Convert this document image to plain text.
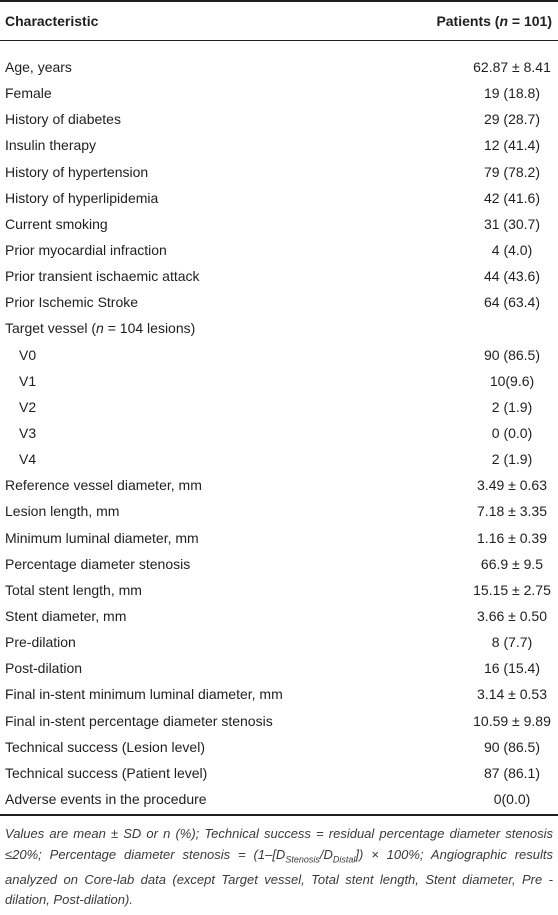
Characteristic	Patients (n = 101)
Age, years	62.87 ± 8.41
Female	19 (18.8)
History of diabetes	29 (28.7)
Insulin therapy	12 (41.4)
History of hypertension	79 (78.2)
History of hyperlipidemia	42 (41.6)
Current smoking	31 (30.7)
Prior myocardial infraction	4 (4.0)
Prior transient ischaemic attack	44 (43.6)
Prior Ischemic Stroke	64 (63.4)
Target vessel (n = 104 lesions)
V0	90 (86.5)
V1	10(9.6)
V2	2 (1.9)
V3	0 (0.0)
V4	2 (1.9)
Reference vessel diameter, mm	3.49 ± 0.63
Lesion length, mm	7.18 ± 3.35
Minimum luminal diameter, mm	1.16 ± 0.39
Percentage diameter stenosis	66.9 ± 9.5
Total stent length, mm	15.15 ± 2.75
Stent diameter, mm	3.66 ± 0.50
Pre-dilation	8 (7.7)
Post-dilation	16 (15.4)
Final in-stent minimum luminal diameter, mm	3.14 ± 0.53
Final in-stent percentage diameter stenosis	10.59 ± 9.89
Technical success (Lesion level)	90 (86.5)
Technical success (Patient level)	87 (86.1)
Adverse events in the procedure	0(0.0)
Values are mean ± SD or n (%); Technical success = residual percentage diameter stenosis ≤20%; Percentage diameter stenosis = $(1-[D_{Stenosis}/D_{Distal}]) \times 100\%$; Angiographic results analyzed on Core-lab data (except Target vessel, Total stent length, Stent diameter, Pre -dilation, Post-dilation).
